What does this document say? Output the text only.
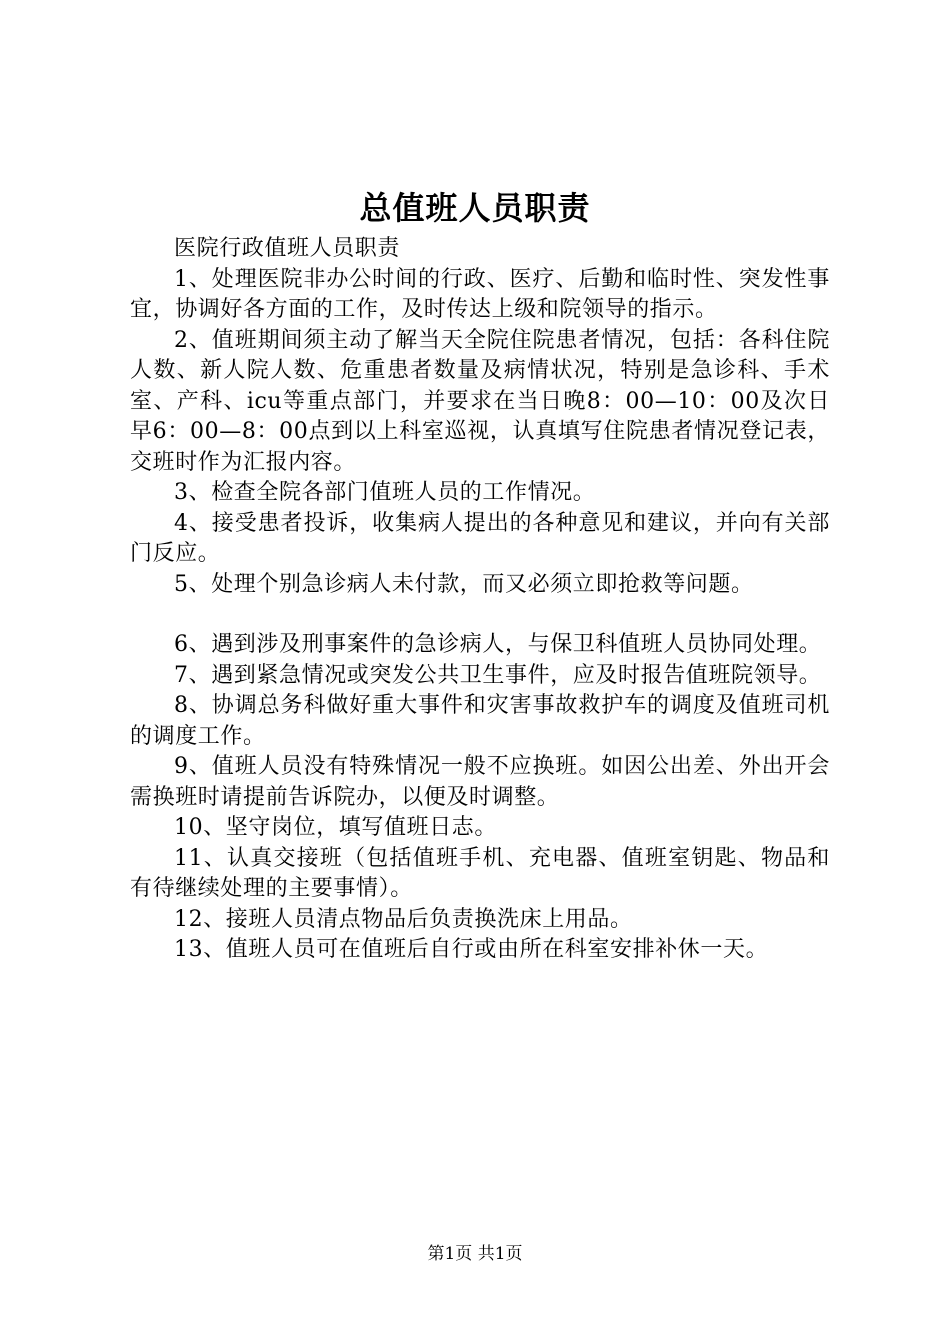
总值班人员职责

医院行政值班人员职责

1、处理医院非办公时间的行政、医疗、后勤和临时性、突发性事宜，协调好各方面的工作，及时传达上级和院领导的指示。

2、值班期间须主动了解当天全院住院患者情况，包括：各科住院人数、新人院人数、危重患者数量及病情状况，特别是急诊科、手术室、产科、icu等重点部门，并要求在当日晚8：00—10：00及次日早6：00—8：00点到以上科室巡视，认真填写住院患者情况登记表，交班时作为汇报内容。

3、检查全院各部门值班人员的工作情况。

4、接受患者投诉，收集病人提出的各种意见和建议，并向有关部门反应。

5、处理个别急诊病人未付款，而又必须立即抢救等问题。

6、遇到涉及刑事案件的急诊病人，与保卫科值班人员协同处理。

7、遇到紧急情况或突发公共卫生事件，应及时报告值班院领导。

8、协调总务科做好重大事件和灾害事故救护车的调度及值班司机的调度工作。

9、值班人员没有特殊情况一般不应换班。如因公出差、外出开会需换班时请提前告诉院办，以便及时调整。

10、坚守岗位，填写值班日志。

11、认真交接班（包括值班手机、充电器、值班室钥匙、物品和有待继续处理的主要事情）。

12、接班人员清点物品后负责换洗床上用品。

13、值班人员可在值班后自行或由所在科室安排补休一天。

第1页 共1页
